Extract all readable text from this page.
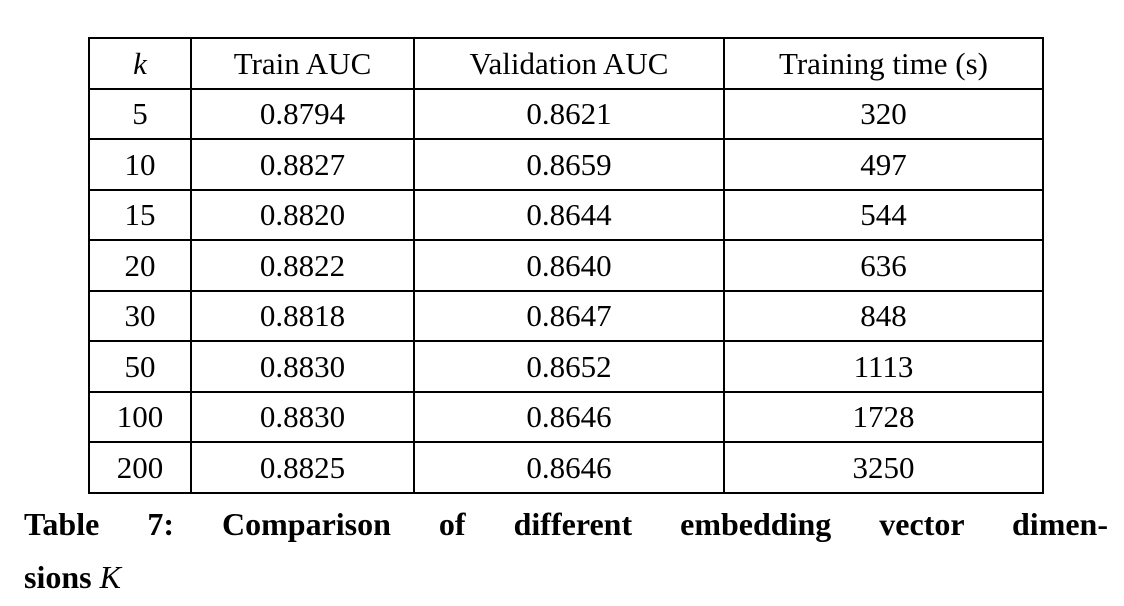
k	Train AUC	Validation AUC	Training time (s)
5	0.8794	0.8621	320
10	0.8827	0.8659	497
15	0.8820	0.8644	544
20	0.8822	0.8640	636
30	0.8818	0.8647	848
50	0.8830	0.8652	1113
100	0.8830	0.8646	1728
200	0.8825	0.8646	3250
Table 7: Comparison of different embedding vector dimen-
sions K
